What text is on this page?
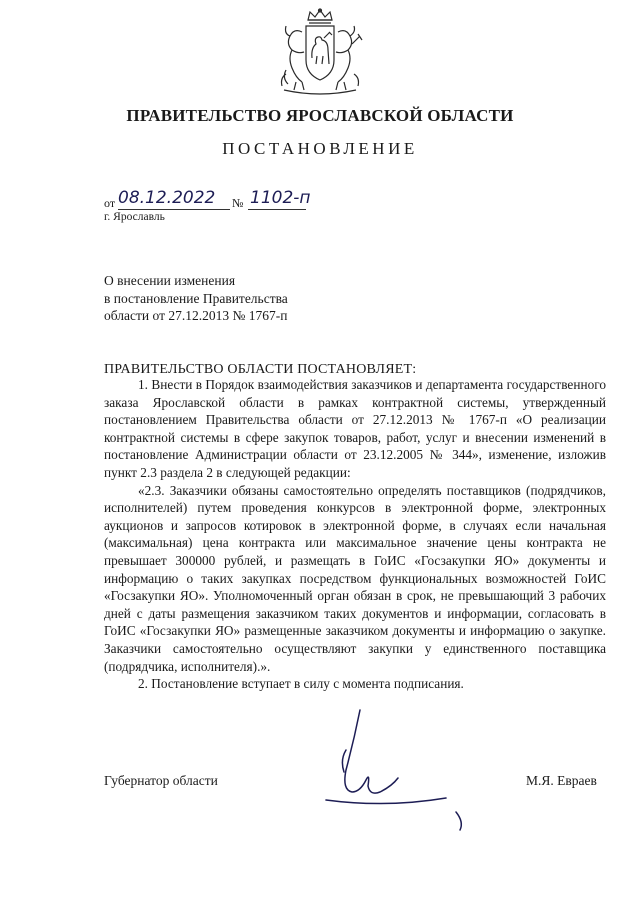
ПРАВИТЕЛЬСТВО ЯРОСЛАВСКОЙ ОБЛАСТИ
ПОСТАНОВЛЕНИЕ
от 08.12.2022 № 1102-п
г. Ярославль
О внесении изменения
в постановление Правительства
области от 27.12.2013 № 1767-п
ПРАВИТЕЛЬСТВО ОБЛАСТИ ПОСТАНОВЛЯЕТ:

1. Внести в Порядок взаимодействия заказчиков и департамента государственного заказа Ярославской области в рамках контрактной системы, утвержденный постановлением Правительства области от 27.12.2013 № 1767-п «О реализации контрактной системы в сфере закупок товаров, работ, услуг и внесении изменений в постановление Администрации области от 23.12.2005 № 344», изменение, изложив пункт 2.3 раздела 2 в следующей редакции:

«2.3. Заказчики обязаны самостоятельно определять поставщиков (подрядчиков, исполнителей) путем проведения конкурсов в электронной форме, электронных аукционов и запросов котировок в электронной форме, в случаях если начальная (максимальная) цена контракта или максимальное значение цены контракта не превышает 300000 рублей, и размещать в ГоИС «Госзакупки ЯО» документы и информацию о таких закупках посредством функциональных возможностей ГоИС «Госзакупки ЯО». Уполномоченный орган обязан в срок, не превышающий 3 рабочих дней с даты размещения заказчиком таких документов и информации, согласовать в ГоИС «Госзакупки ЯО» размещенные заказчиком документы и информацию о закупке. Заказчики самостоятельно осуществляют закупки у единственного поставщика (подрядчика, исполнителя).».

2. Постановление вступает в силу с момента подписания.

Губернатор области	М.Я. Евраев
